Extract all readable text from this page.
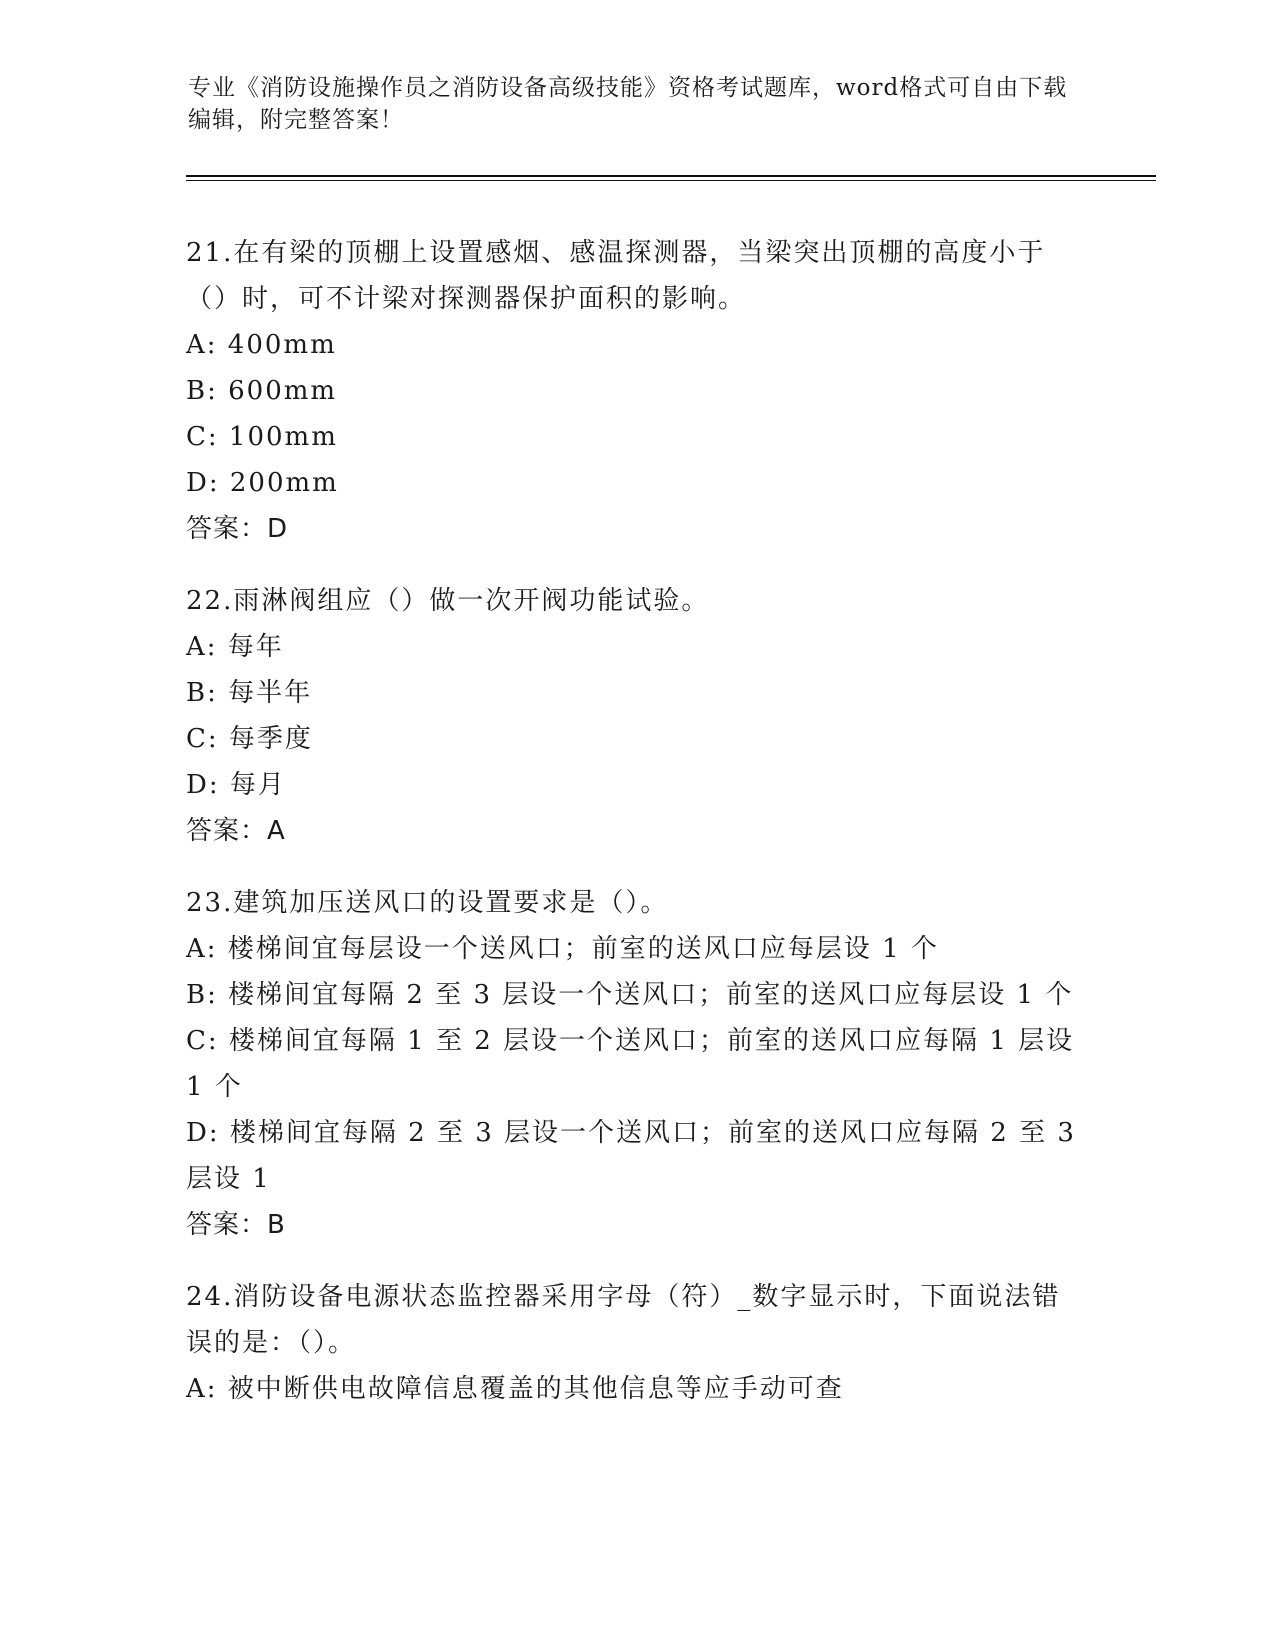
专业《消防设施操作员之消防设备高级技能》资格考试题库，word格式可自由下载编辑，附完整答案！
21.在有梁的顶棚上设置感烟、感温探测器，当梁突出顶棚的高度小于（）时，可不计梁对探测器保护面积的影响。
A: 400mm
B: 600mm
C: 100mm
D: 200mm
答案：D
22.雨淋阀组应（）做一次开阀功能试验。
A: 每年
B: 每半年
C: 每季度
D: 每月
答案：A
23.建筑加压送风口的设置要求是（）。
A: 楼梯间宜每层设一个送风口；前室的送风口应每层设 1 个
B: 楼梯间宜每隔 2 至 3 层设一个送风口；前室的送风口应每层设 1 个
C: 楼梯间宜每隔 1 至 2 层设一个送风口；前室的送风口应每隔 1 层设 1 个
D: 楼梯间宜每隔 2 至 3 层设一个送风口；前室的送风口应每隔 2 至 3 层设 1
答案：B
24.消防设备电源状态监控器采用字母（符）_数字显示时，下面说法错误的是：（）。
A: 被中断供电故障信息覆盖的其他信息等应手动可查
